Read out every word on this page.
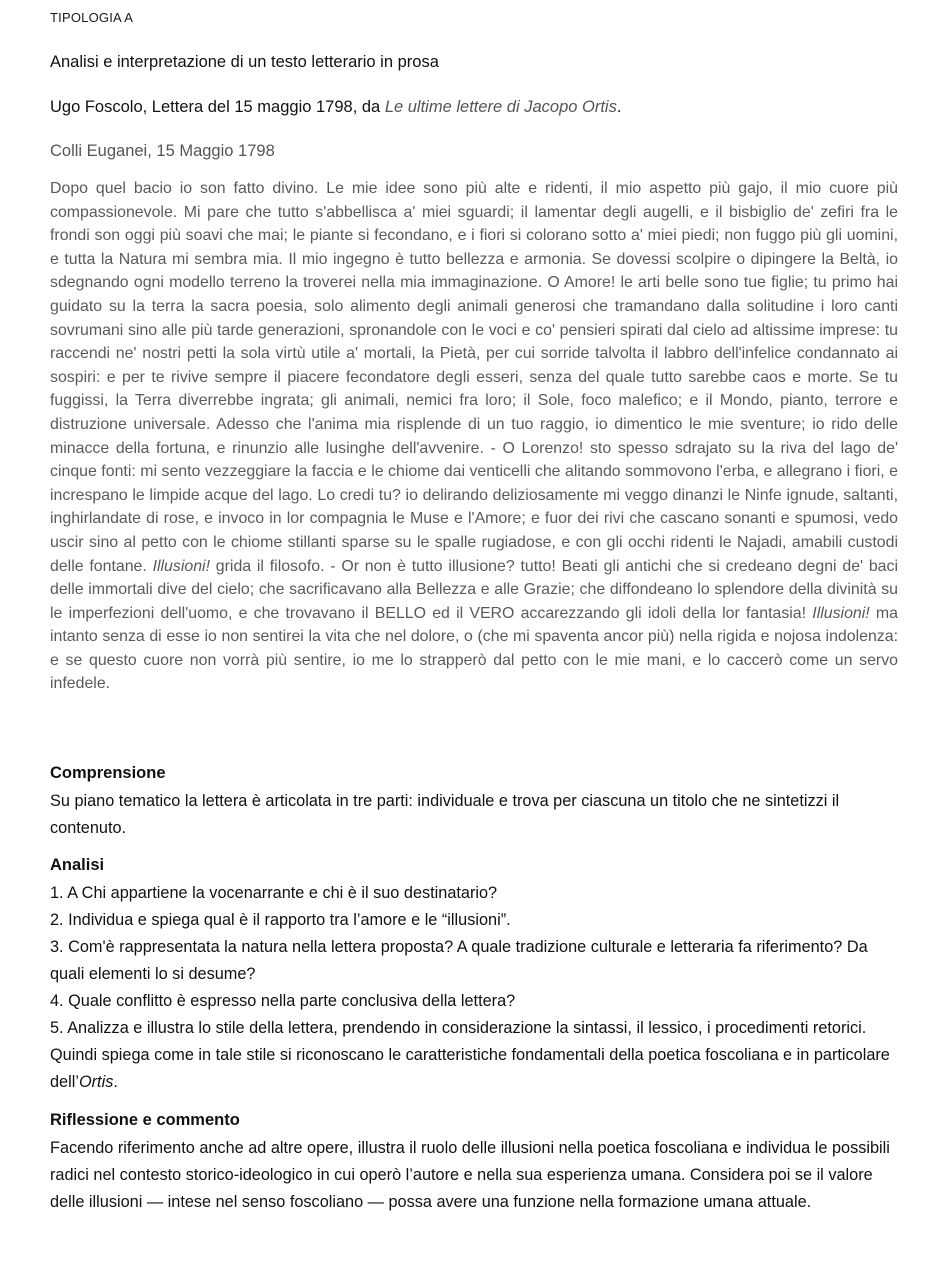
TIPOLOGIA A
Analisi e interpretazione di un testo letterario in prosa
Ugo Foscolo, Lettera del 15 maggio 1798, da Le ultime lettere di Jacopo Ortis.
Colli Euganei, 15 Maggio 1798

Dopo quel bacio io son fatto divino. Le mie idee sono più alte e ridenti, il mio aspetto più gajo, il mio cuore più compassionevole. Mi pare che tutto s'abbellisca a' miei sguardi; il lamentar degli augelli, e il bisbiglio de' zefiri fra le frondi son oggi più soavi che mai; le piante si fecondano, e i fiori si colorano sotto a' miei piedi; non fuggo più gli uomini, e tutta la Natura mi sembra mia. Il mio ingegno è tutto bellezza e armonia. Se dovessi scolpire o dipingere la Beltà, io sdegnando ogni modello terreno la troverei nella mia immaginazione. O Amore! le arti belle sono tue figlie; tu primo hai guidato su la terra la sacra poesia, solo alimento degli animali generosi che tramandano dalla solitudine i loro canti sovrumani sino alle più tarde generazioni, spronandole con le voci e co' pensieri spirati dal cielo ad altissime imprese: tu raccendi ne' nostri petti la sola virtù utile a' mortali, la Pietà, per cui sorride talvolta il labbro dell'infelice condannato ai sospiri: e per te rivive sempre il piacere fecondatore degli esseri, senza del quale tutto sarebbe caos e morte. Se tu fuggissi, la Terra diverrebbe ingrata; gli animali, nemici fra loro; il Sole, foco malefico; e il Mondo, pianto, terrore e distruzione universale. Adesso che l'anima mia risplende di un tuo raggio, io dimentico le mie sventure; io rido delle minacce della fortuna, e rinunzio alle lusinghe dell'avvenire. - O Lorenzo! sto spesso sdrajato su la riva del lago de' cinque fonti: mi sento vezzeggiare la faccia e le chiome dai venticelli che alitando sommovono l'erba, e allegrano i fiori, e increspano le limpide acque del lago. Lo credi tu? io delirando deliziosamente mi veggo dinanzi le Ninfe ignude, saltanti, inghirlandate di rose, e invoco in lor compagnia le Muse e l'Amore; e fuor dei rivi che cascano sonanti e spumosi, vedo uscir sino al petto con le chiome stillanti sparse su le spalle rugiadose, e con gli occhi ridenti le Najadi, amabili custodi delle fontane. Illusioni! grida il filosofo. - Or non è tutto illusione? tutto! Beati gli antichi che si credeano degni de' baci delle immortali dive del cielo; che sacrificavano alla Bellezza e alle Grazie; che diffondeano lo splendore della divinità su le imperfezioni dell'uomo, e che trovavano il BELLO ed il VERO accarezzando gli idoli della lor fantasia! Illusioni! ma intanto senza di esse io non sentirei la vita che nel dolore, o (che mi spaventa ancor più) nella rigida e nojosa indolenza: e se questo cuore non vorrà più sentire, io me lo strapperò dal petto con le mie mani, e lo caccerò come un servo infedele.

Comprensione

Su piano tematico la lettera è articolata in tre parti: individuale e trova per ciascuna un titolo che ne sintetizzi il contenuto.

Analisi

1. A Chi appartiene la vocenarrante e chi è il suo destinatario?

2. Individua e spiega qual è il rapporto tra l’amore e le “illusioni”.

3. Com'è rappresentata la natura nella lettera proposta? A quale tradizione culturale e letteraria fa riferimento? Da quali elementi lo si desume?

4. Quale conflitto è espresso nella parte conclusiva della lettera?

5. Analizza e illustra lo stile della lettera, prendendo in considerazione la sintassi, il lessico, i procedimenti retorici. Quindi spiega come in tale stile si riconoscano le caratteristiche fondamentali della poetica foscoliana e in particolare dell’Ortis.

Riflessione e commento

Facendo riferimento anche ad altre opere, illustra il ruolo delle illusioni nella poetica foscoliana e individua le possibili radici nel contesto storico-ideologico in cui operò l’autore e nella sua esperienza umana. Considera poi se il valore delle illusioni — intese nel senso foscoliano — possa avere una funzione nella formazione umana attuale.
